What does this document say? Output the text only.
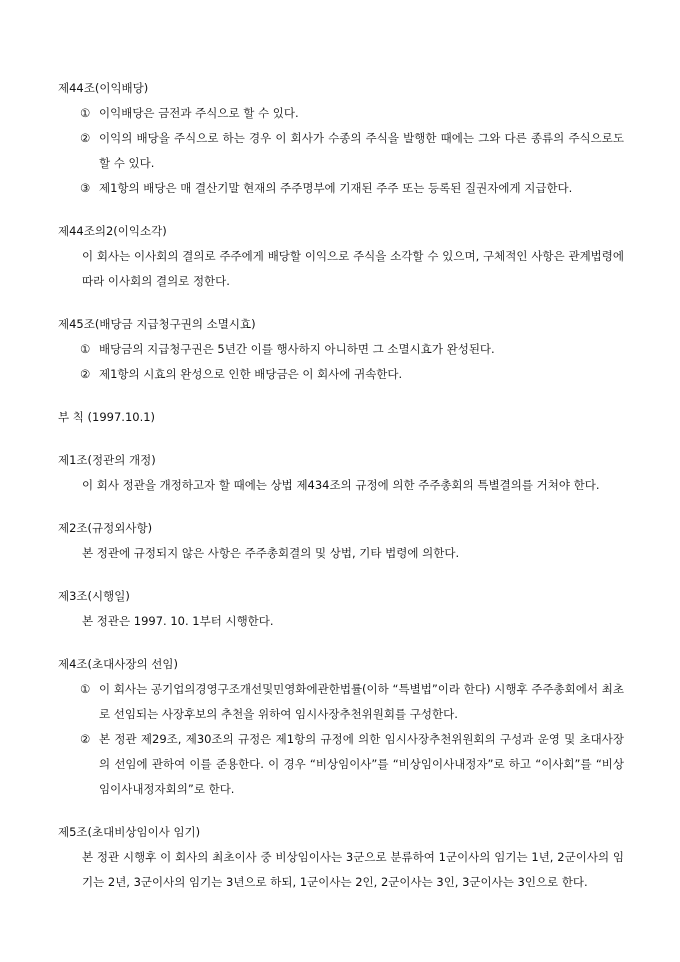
제44조(이익배당)
① 이익배당은 금전과 주식으로 할 수 있다.
② 이익의 배당을 주식으로 하는 경우 이 회사가 수종의 주식을 발행한 때에는 그와 다른 종류의 주식으로도 할 수 있다.
③ 제1항의 배당은 매 결산기말 현재의 주주명부에 기재된 주주 또는 등록된 질권자에게 지급한다.
제44조의2(이익소각)
이 회사는 이사회의 결의로 주주에게 배당할 이익으로 주식을 소각할 수 있으며, 구체적인 사항은 관계법령에 따라 이사회의 결의로 정한다.
제45조(배당금 지급청구권의 소멸시효)
① 배당금의 지급청구권은 5년간 이를 행사하지 아니하면 그 소멸시효가 완성된다.
② 제1항의 시효의 완성으로 인한 배당금은 이 회사에 귀속한다.
부 칙 (1997.10.1)
제1조(정관의 개정)
이 회사 정관을 개정하고자 할 때에는 상법 제434조의 규정에 의한 주주총회의 특별결의를 거쳐야 한다.
제2조(규정외사항)
본 정관에 규정되지 않은 사항은 주주총회결의 및 상법, 기타 법령에 의한다.
제3조(시행일)
본 정관은 1997. 10. 1부터 시행한다.
제4조(초대사장의 선임)
① 이 회사는 공기업의경영구조개선및민영화에관한법률(이하 “특별법”이라 한다) 시행후 주주총회에서 최초로 선임되는 사장후보의 추천을 위하여 임시사장추천위원회를 구성한다.
② 본 정관 제29조, 제30조의 규정은 제1항의 규정에 의한 임시사장추천위원회의 구성과 운영 및 초대사장의 선임에 관하여 이를 준용한다. 이 경우 “비상임이사”를 “비상임이사내정자”로 하고 “이사회”를 “비상임이사내정자회의”로 한다.
제5조(초대비상임이사 임기)
본 정관 시행후 이 회사의 최초이사 중 비상임이사는 3군으로 분류하여 1군이사의 임기는 1년, 2군이사의 임기는 2년, 3군이사의 임기는 3년으로 하되, 1군이사는 2인, 2군이사는 3인, 3군이사는 3인으로 한다.
